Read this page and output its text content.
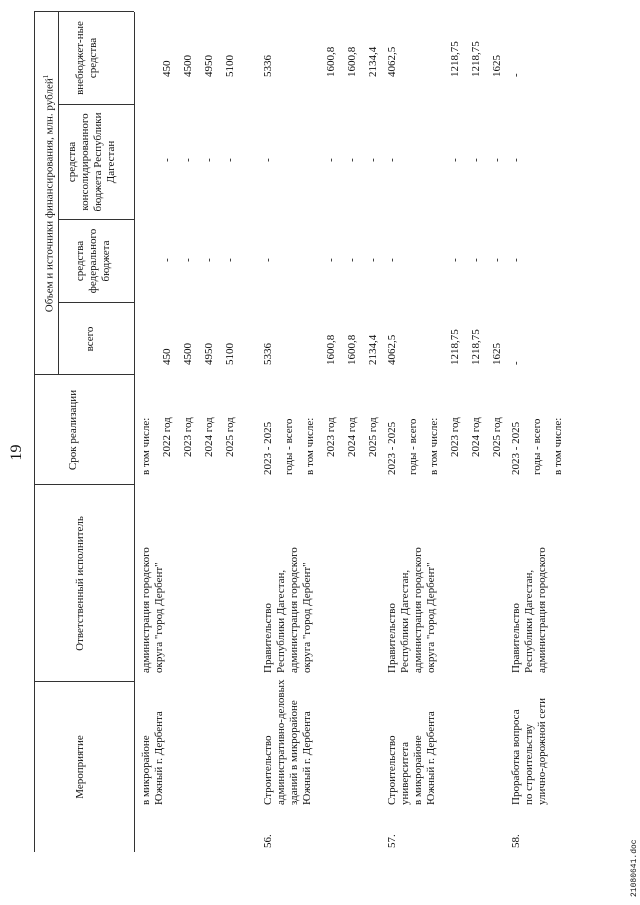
19
Мероприятие
Ответственный исполнитель
Срок реализации
Объем и источники финансирования, млн. рублей$^1$
всего
средства федерального бюджета
средства консолидированного бюджета Республики Дагестан
внебюджет-ные средства
в микрорайоне Южный г. Дербента
администрация городского округа "город Дербент"
в том числе: 2022 год
450
-
-
450
2023 год
4500
-
-
4500
2024 год
4950
-
-
4950
2025 год
5100
-
-
5100
56.
Строительство административно-деловых зданий в микрорайоне Южный г. Дербента
Правительство Республики Дагестан, администрация городского округа "город Дербент"
2023 - 2025
5336
-
-
5336
годы - всего в том числе: 2023 год
1600,8
-
-
1600,8
2024 год
1600,8
-
-
1600,8
2025 год
2134,4
-
-
2134,4
57.
Строительство университета в микрорайоне Южный г. Дербента
Правительство Республики Дагестан, администрация городского округа "город Дербент"
2023 - 2025
4062,5
-
-
4062,5
годы - всего в том числе: 2023 год
1218,75
-
-
1218,75
2024 год
1218,75
-
-
1218,75
2025 год
1625
-
-
1625
58.
Проработка вопроса по строительству улично-дорожной сети
Правительство Республики Дагестан, администрация городского
2023 - 2025
-
-
-
-
годы - всего в том числе:
21080641.doc
